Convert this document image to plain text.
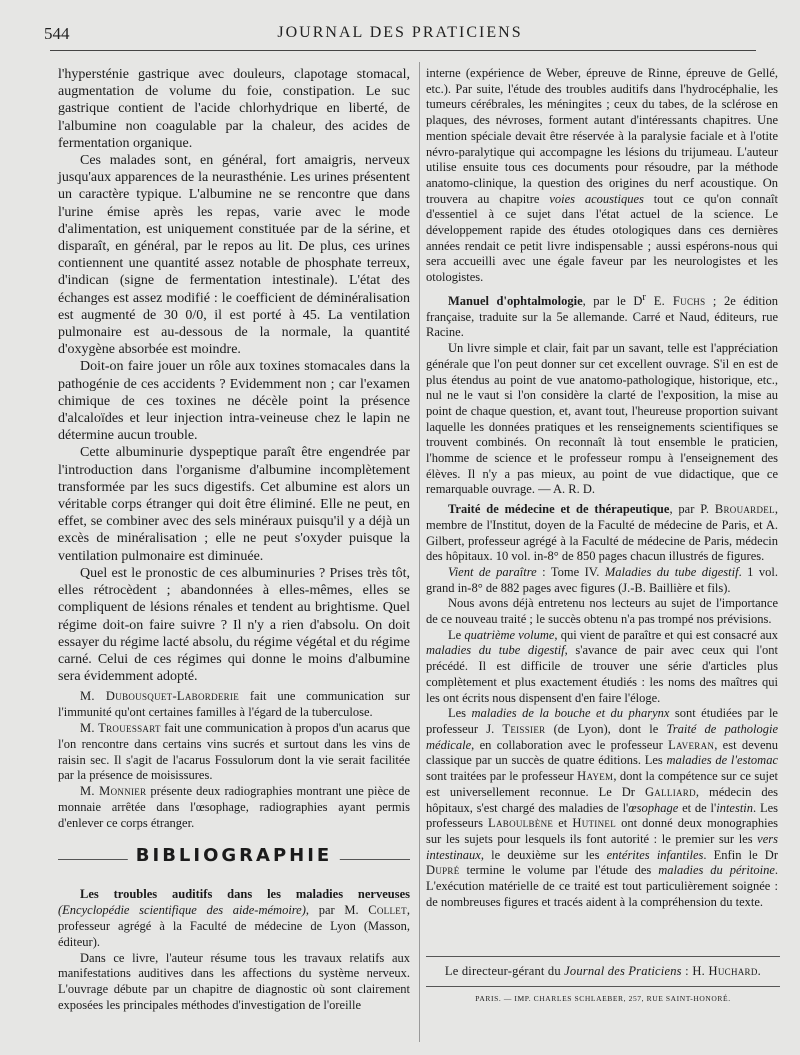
544	JOURNAL DES PRATICIENS

l'hypersténie gastrique avec douleurs, clapotage stomacal, augmentation de volume du foie, constipation. Le suc gastrique contient de l'acide chlorhydrique en liberté, de l'albumine non coagulable par la chaleur, des acides de fermentation organique.

Ces malades sont, en général, fort amaigris, nerveux jusqu'aux apparences de la neurasthénie. Les urines présentent un caractère typique. L'albumine ne se rencontre que dans l'urine émise après les repas, varie avec le mode d'alimentation, est uniquement constituée par de la sérine, et disparaît, en général, par le repos au lit. De plus, ces urines contiennent une quantité assez notable de phosphate terreux, d'indican (signe de fermentation intestinale). L'état des échanges est assez modifié : le coefficient de déminéralisation est augmenté de 30 0/0, il est porté à 45. La ventilation pulmonaire est au-dessous de la normale, la quantité d'oxygène absorbée est moindre.

Doit-on faire jouer un rôle aux toxines stomacales dans la pathogénie de ces accidents ? Evidemment non ; car l'examen chimique de ces toxines ne décèle point la présence d'alcaloïdes et leur injection intra-veineuse chez le lapin ne détermine aucun trouble.

Cette albuminurie dyspeptique paraît être engendrée par l'introduction dans l'organisme d'albumine incomplètement transformée par les sucs digestifs. Cet albumine est alors un véritable corps étranger qui doit être éliminé. Elle ne peut, en effet, se combiner avec des sels minéraux puisqu'il y a déjà un excès de minéralisation ; elle ne peut s'oxyder puisque la ventilation pulmonaire est diminuée.

Quel est le pronostic de ces albuminuries ? Prises très tôt, elles rétrocèdent ; abandonnées à elles-mêmes, elles se compliquent de lésions rénales et tendent au brightisme. Quel régime doit-on faire suivre ? Il n'y a rien d'absolu. On doit essayer du régime lacté absolu, du régime végétal et du régime carné. Celui de ces régimes qui donne le moins d'albumine sera évidemment adopté.

M. Dubousquet-Laborderie fait une communication sur l'immunité qu'ont certaines familles à l'égard de la tuberculose.

M. Trouessart fait une communication à propos d'un acarus que l'on rencontre dans certains vins sucrés et surtout dans les vins de raisin sec. Il s'agit de l'acarus Fossulorum dont la vie serait facilitée par la présence de moisissures.

M. Monnier présente deux radiographies montrant une pièce de monnaie arrêtée dans l'œsophage, radiographies ayant permis d'enlever ce corps étranger.

BIBLIOGRAPHIE

Les troubles auditifs dans les maladies nerveuses (Encyclopédie scientifique des aide-mémoire), par M. Collet, professeur agrégé à la Faculté de médecine de Lyon (Masson, éditeur).

Dans ce livre, l'auteur résume tous les travaux relatifs aux manifestations auditives dans les affections du système nerveux. L'ouvrage débute par un chapitre de diagnostic où sont clairement exposées les principales méthodes d'investigation de l'oreille

interne (expérience de Weber, épreuve de Rinne, épreuve de Gellé, etc.). Par suite, l'étude des troubles auditifs dans l'hydrocéphalie, les tumeurs cérébrales, les méningites ; ceux du tabes, de la sclérose en plaques, des névroses, forment autant d'intéressants chapitres. Une mention spéciale devait être réservée à la paralysie faciale et à l'otite névro-paralytique qui accompagne les lésions du trijumeau. L'auteur utilise ensuite tous ces documents pour résoudre, par la méthode anatomo-clinique, la question des origines du nerf acoustique. On trouvera au chapitre voies acoustiques tout ce qu'on connaît d'essentiel à ce sujet dans l'état actuel de la science. Le développement rapide des études otologiques dans ces dernières années rendait ce petit livre indispensable ; aussi espérons-nous qui sera accueilli avec une égale faveur par les neurologistes et les otologistes.

Manuel d'ophtalmologie, par le $D^r$ E. Fuchs ; 2e édition française, traduite sur la 5e allemande. Carré et Naud, éditeurs, rue Racine.

Un livre simple et clair, fait par un savant, telle est l'appréciation générale que l'on peut donner sur cet excellent ouvrage. S'il en est de plus étendus au point de vue anatomo-pathologique, historique, etc., nul ne le vaut si l'on considère la clarté de l'exposition, la mise au point de chaque question, et, avant tout, l'heureuse proportion suivant laquelle les données pratiques et les renseignements scientifiques se trouvent combinés. On reconnaît là tout ensemble le praticien, l'homme de science et le professeur rompu à l'enseignement des élèves. Il n'y a pas mieux, au point de vue didactique, que ce remarquable ouvrage. — A. R. D.

Traité de médecine et de thérapeutique, par P. Brouardel, membre de l'Institut, doyen de la Faculté de médecine de Paris, et A. Gilbert, professeur agrégé à la Faculté de médecine de Paris, médecin des hôpitaux. 10 vol. in-8° de 850 pages chacun illustrés de figures.

Vient de paraître : Tome IV. Maladies du tube digestif. 1 vol. grand in-8° de 882 pages avec figures (J.-B. Baillière et fils).

Nous avons déjà entretenu nos lecteurs au sujet de l'importance de ce nouveau traité ; le succès obtenu n'a pas trompé nos prévisions.

Le quatrième volume, qui vient de paraître et qui est consacré aux maladies du tube digestif, s'avance de pair avec ceux qui l'ont précédé. Il est difficile de trouver une série d'articles plus complètement et plus exactement étudiés : les noms des maîtres qui les ont écrits nous dispensent d'en faire l'éloge.

Les maladies de la bouche et du pharynx sont étudiées par le professeur J. Teissier (de Lyon), dont le Traité de pathologie médicale, en collaboration avec le professeur Laveran, est devenu classique par un succès de quatre éditions. Les maladies de l'estomac sont traitées par le professeur Hayem, dont la compétence sur ce sujet est universellement reconnue. Le Dr Galliard, médecin des hôpitaux, s'est chargé des maladies de l'œsophage et de l'intestin. Les professeurs Laboulbène et Hutinel ont donné deux monographies sur les sujets pour lesquels ils font autorité : le premier sur les vers intestinaux, le deuxième sur les entérites infantiles. Enfin le Dr Dupré termine le volume par l'étude des maladies du péritoine. L'exécution matérielle de ce traité est tout particulièrement soignée : de nombreuses figures et tracés aident à la compréhension du texte.

Le directeur-gérant du Journal des Praticiens : H. Huchard.
PARIS. — IMP. CHARLES SCHLAEBER, 257, RUE SAINT-HONORÉ.
